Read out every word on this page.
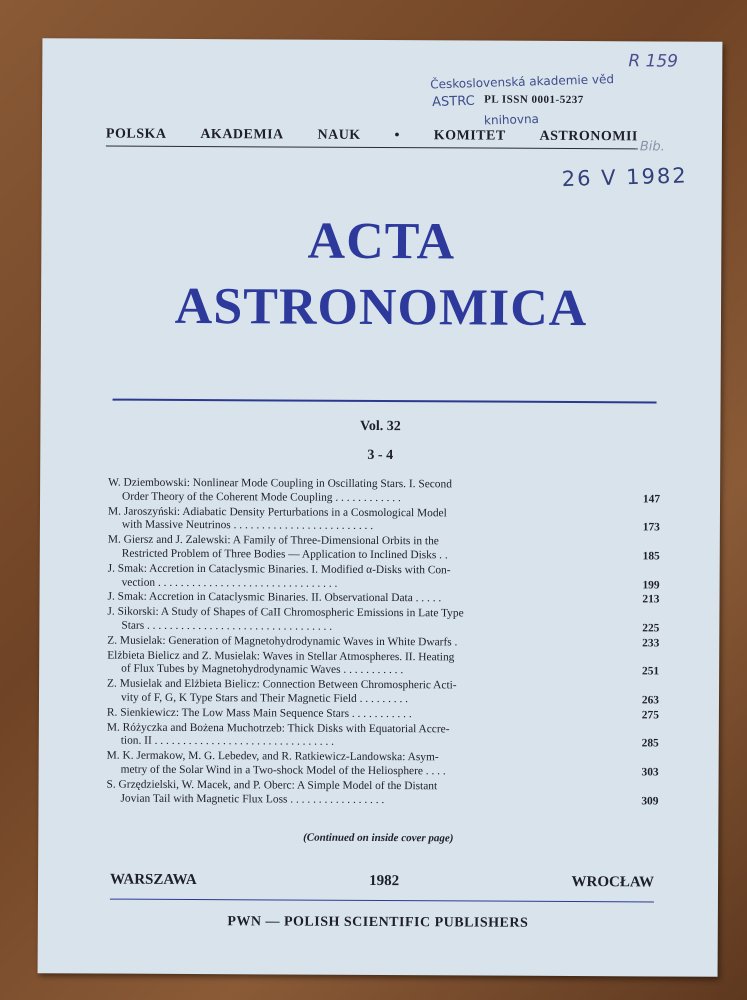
Československá akademie věd
ASTRC
knihovna
PL ISSN 0001-5237
R 159
Bib.
26 V 1982
POLSKA AKADEMIA NAUK • KOMITET ASTRONOMII
ACTA
ASTRONOMICA
Vol. 32
3 - 4
W. Dziembowski: Nonlinear Mode Coupling in Oscillating Stars. I. Second
Order Theory of the Coherent Mode Coupling . . . . . . . . . . . .	147
M. Jaroszyński: Adiabatic Density Perturbations in a Cosmological Model
with Massive Neutrinos . . . . . . . . . . . . . . . . . . . . . . . . .	173
M. Giersz and J. Zalewski: A Family of Three-Dimensional Orbits in the
Restricted Problem of Three Bodies — Application to Inclined Disks . .	185
J. Smak: Accretion in Cataclysmic Binaries. I. Modified α-Disks with Con-
vection . . . . . . . . . . . . . . . . . . . . . . . . . . . . . . . .	199
J. Smak: Accretion in Cataclysmic Binaries. II. Observational Data . . . . .	213
J. Sikorski: A Study of Shapes of CaII Chromospheric Emissions in Late Type
Stars . . . . . . . . . . . . . . . . . . . . . . . . . . . . . . . . .	225
Z. Musielak: Generation of Magnetohydrodynamic Waves in White Dwarfs .	233
Elżbieta Bielicz and Z. Musielak: Waves in Stellar Atmospheres. II. Heating
of Flux Tubes by Magnetohydrodynamic Waves . . . . . . . . . . .	251
Z. Musielak and Elżbieta Bielicz: Connection Between Chromospheric Acti-
vity of F, G, K Type Stars and Their Magnetic Field . . . . . . . . .	263
R. Sienkiewicz: The Low Mass Main Sequence Stars . . . . . . . . . . .	275
M. Różyczka and Bożena Muchotrzeb: Thick Disks with Equatorial Accre-
tion. II . . . . . . . . . . . . . . . . . . . . . . . . . . . . . . . .	285
M. K. Jermakow, M. G. Lebedev, and R. Ratkiewicz-Landowska: Asym-
metry of the Solar Wind in a Two-shock Model of the Heliosphere . . . .	303
S. Grzędzielski, W. Macek, and P. Oberc: A Simple Model of the Distant
Jovian Tail with Magnetic Flux Loss . . . . . . . . . . . . . . . . .	309
(Continued on inside cover page)
WARSZAWA	1982	WROCŁAW
PWN — POLISH SCIENTIFIC PUBLISHERS
